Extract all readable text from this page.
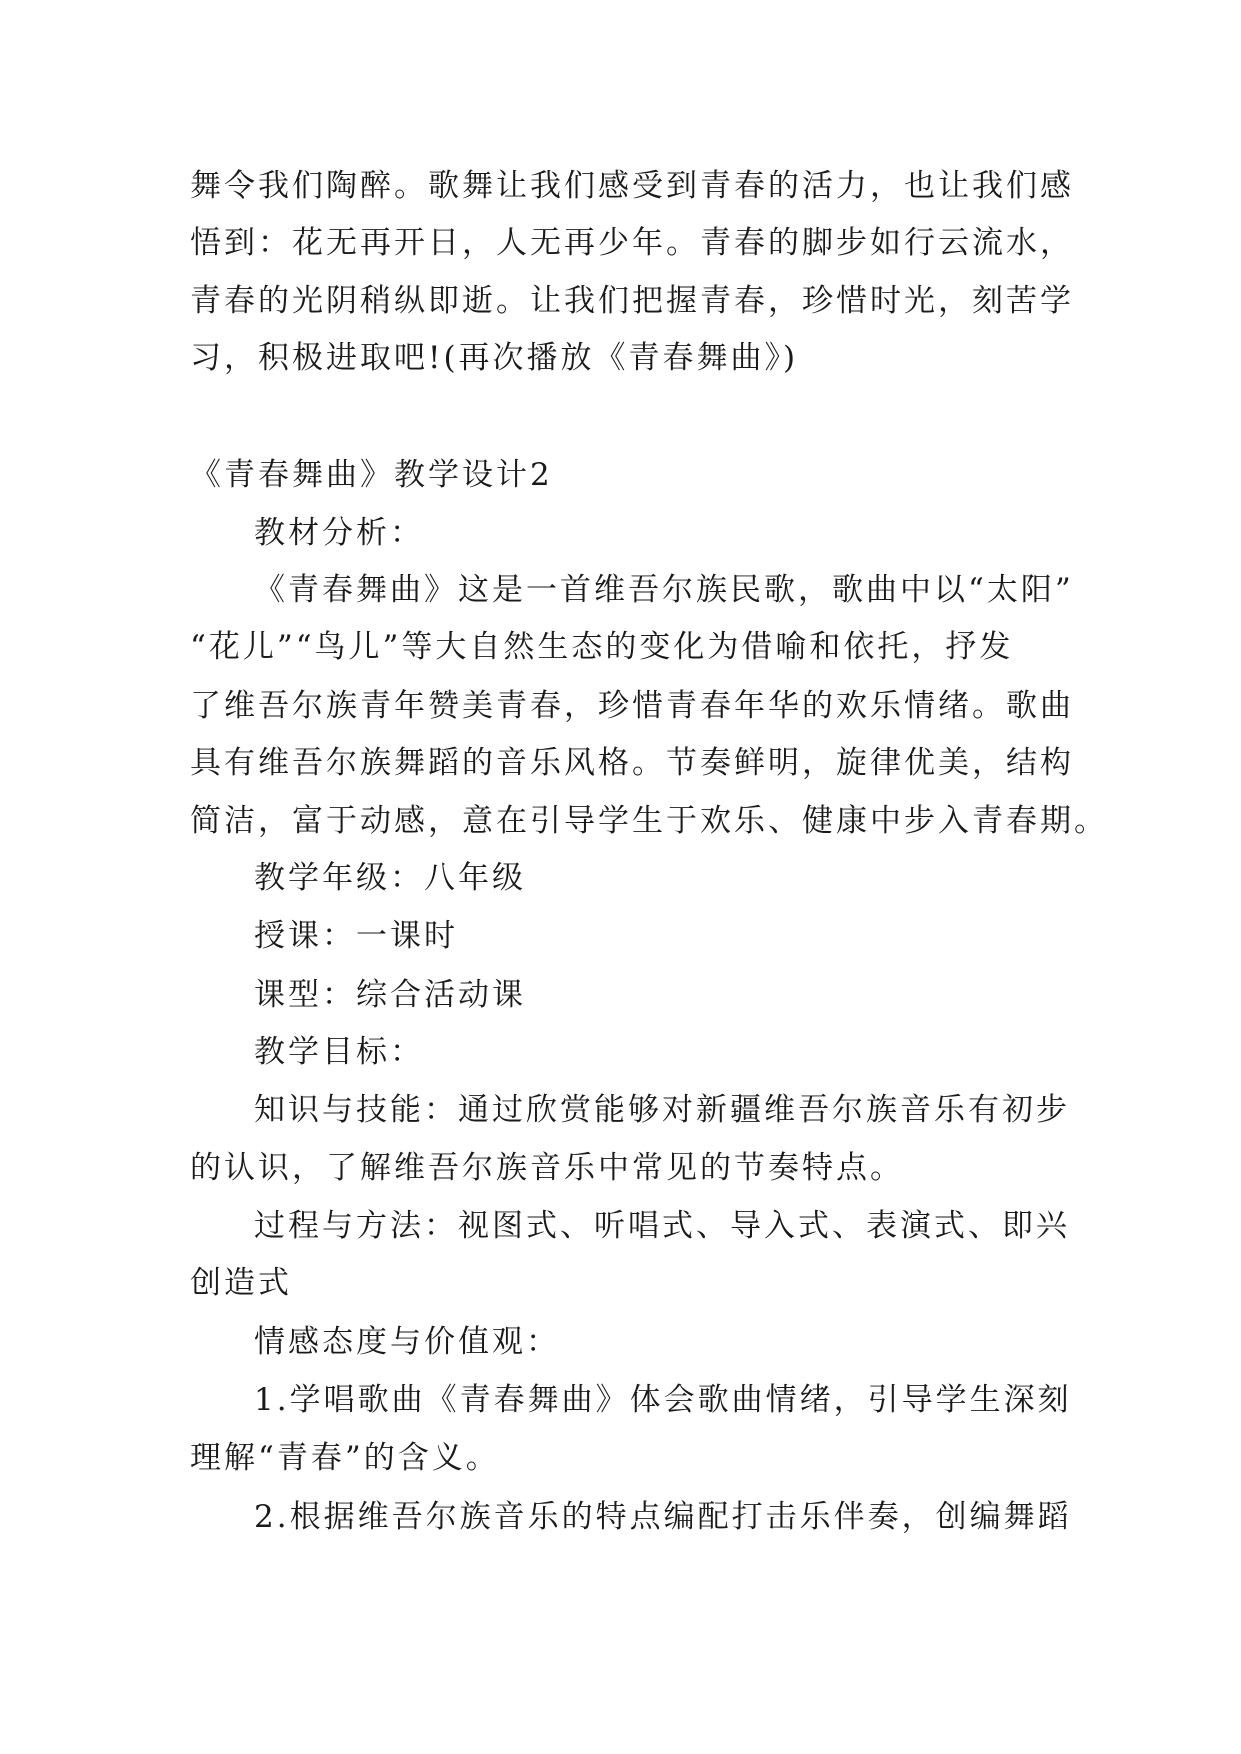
舞令我们陶醉。歌舞让我们感受到青春的活力，也让我们感
悟到：花无再开日，人无再少年。青春的脚步如行云流水，
青春的光阴稍纵即逝。让我们把握青春，珍惜时光，刻苦学
习，积极进取吧!(再次播放《青春舞曲》)
《青春舞曲》教学设计2
教材分析：
《青春舞曲》这是一首维吾尔族民歌，歌曲中以“太阳”
“花儿”“鸟儿”等大自然生态的变化为借喻和依托，抒发
了维吾尔族青年赞美青春，珍惜青春年华的欢乐情绪。歌曲
具有维吾尔族舞蹈的音乐风格。节奏鲜明，旋律优美，结构
简洁，富于动感，意在引导学生于欢乐、健康中步入青春期。
教学年级：八年级
授课：一课时
课型：综合活动课
教学目标：
知识与技能：通过欣赏能够对新疆维吾尔族音乐有初步
的认识，了解维吾尔族音乐中常见的节奏特点。
过程与方法：视图式、听唱式、导入式、表演式、即兴
创造式
情感态度与价值观：
1.学唱歌曲《青春舞曲》体会歌曲情绪，引导学生深刻
理解“青春”的含义。
2.根据维吾尔族音乐的特点编配打击乐伴奏，创编舞蹈
